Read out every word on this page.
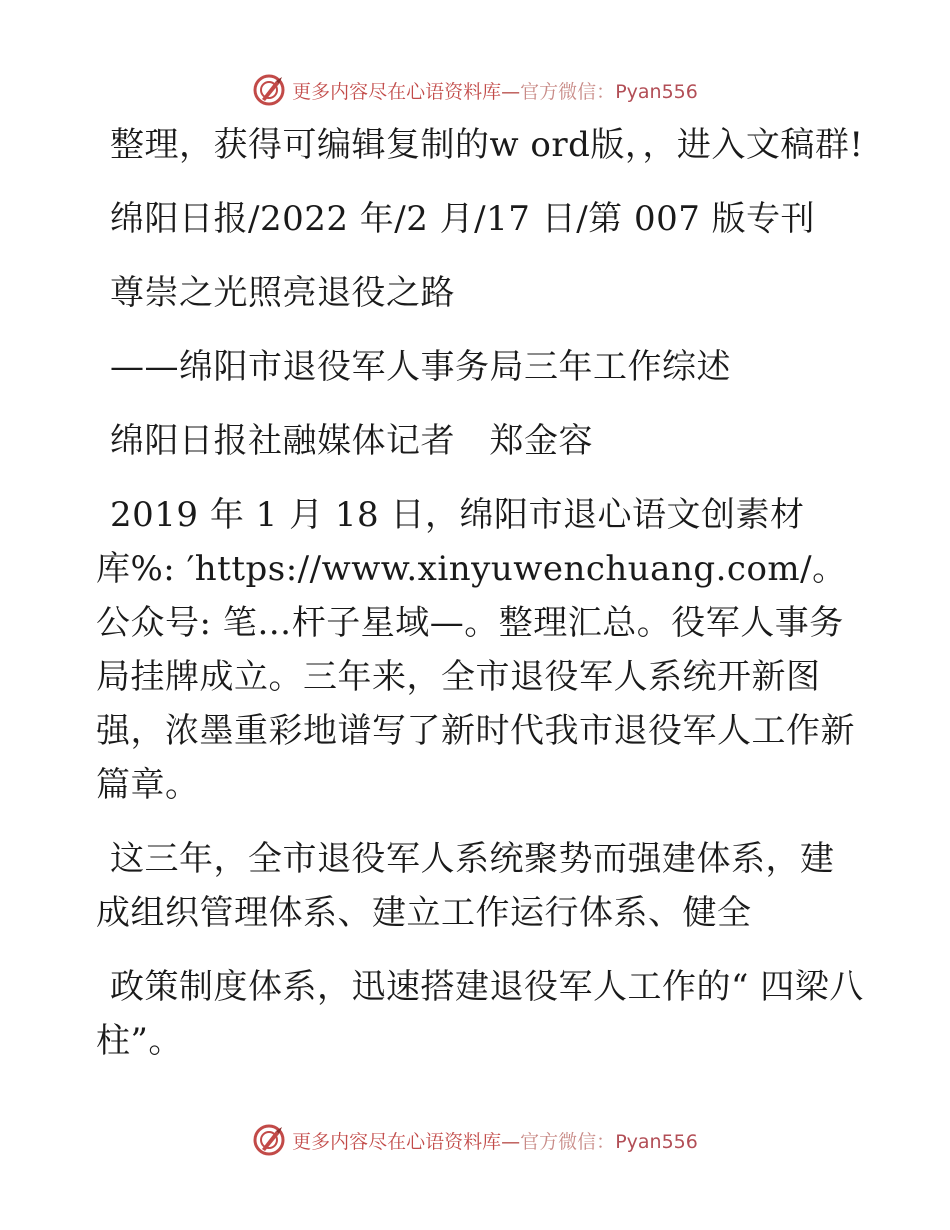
更多内容尽在心语资料库—官方微信：Pyan556

整理，获得可编辑复制的w ord版，，进入文稿群!

绵阳日报/2022 年/2 月/17 日/第 007 版专刊

尊崇之光照亮退役之路

——绵阳市退役军人事务局三年工作综述

绵阳日报社融媒体记者　郑金容

2019 年 1 月 18 日，绵阳市退心语文创素材库%: ′https://www.xinyuwenchuang.com/。公众号: 笔…杆子星域—。整理汇总。役军人事务局挂牌成立。三年来，全市退役军人系统开新图强，浓墨重彩地谱写了新时代我市退役军人工作新篇章。

这三年，全市退役军人系统聚势而强建体系，建成组织管理体系、建立工作运行体系、健全

政策制度体系，迅速搭建退役军人工作的“ 四梁八柱”。

更多内容尽在心语资料库—官方微信：Pyan556
